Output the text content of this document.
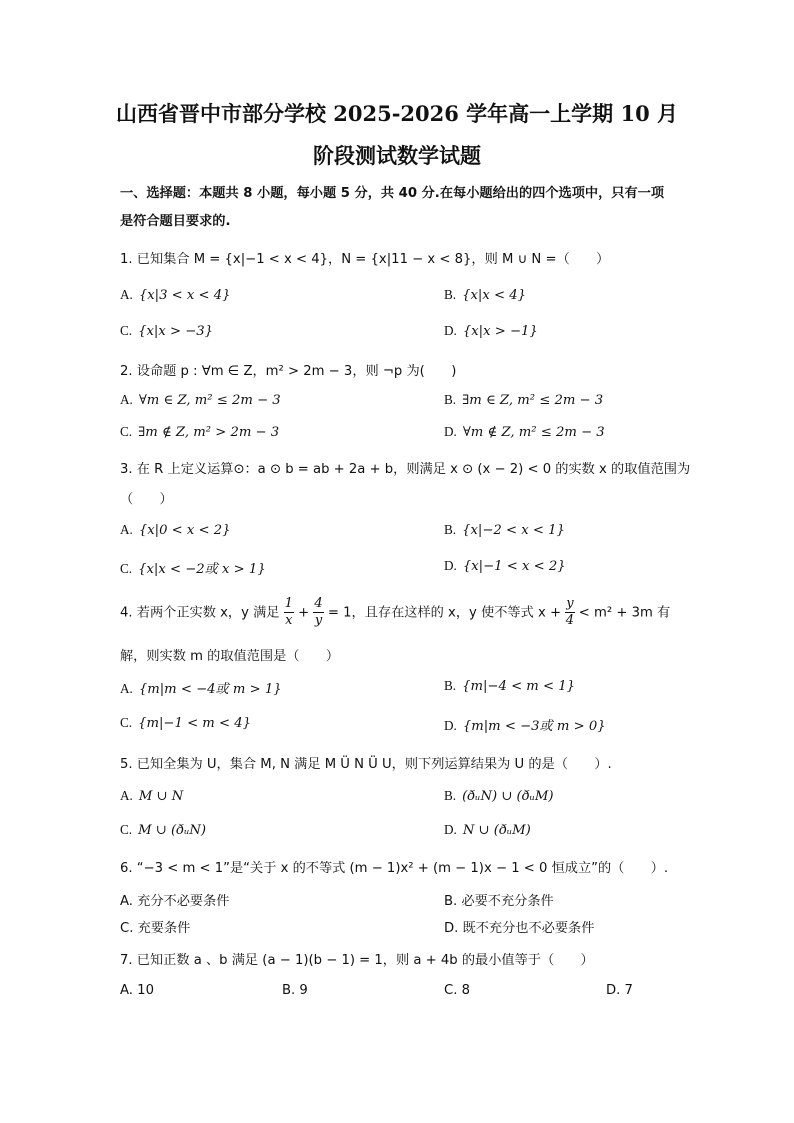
山西省晋中市部分学校 2025-2026 学年高一上学期 10 月
阶段测试数学试题
一、选择题：本题共 8 小题，每小题 5 分，共 40 分.在每小题给出的四个选项中，只有一项
是符合题目要求的.
1. 已知集合 M = {x|−1 < x < 4}，N = {x|11 − x < 8}，则 M ∪ N =（　　）
A. {x|3 < x < 4}	B. {x|x < 4}
C. {x|x > −3}	D. {x|x > −1}
2. 设命题 p : ∀m ∈ Z，m² > 2m − 3，则 ¬p 为(　　)
A. ∀m ∈ Z, m² ≤ 2m − 3	B. ∃m ∈ Z, m² ≤ 2m − 3
C. ∃m ∉ Z, m² > 2m − 3	D. ∀m ∉ Z, m² ≤ 2m − 3
3. 在 R 上定义运算⊙：a ⊙ b = ab + 2a + b，则满足 x ⊙ (x − 2) < 0 的实数 x 的取值范围为
（　　）
A. {x|0 < x < 2}	B. {x|−2 < x < 1}
C. {x|x < −2或 x > 1}	D. {x|−1 < x < 2}
4. 若两个正实数 x，y 满足 $\frac{1}{x} + \frac{4}{y} = 1$，且存在这样的 x，y 使不等式 $x + \frac{y}{4} < m^2 + 3m$ 有
解，则实数 m 的取值范围是（　　）
A. {m|m < −4或 m > 1}	B. {m|−4 < m < 1}
C. {m|−1 < m < 4}	D. {m|m < −3或 m > 0}
5. 已知全集为 U，集合 M, N 满足 M Ü N Ü U，则下列运算结果为 U 的是（　　）.
A. M ∪ N	B. (ðᵤN) ∪ (ðᵤM)
C. M ∪ (ðᵤN)	D. N ∪ (ðᵤM)
6. “−3 < m < 1”是“关于 x 的不等式 (m − 1)x² + (m − 1)x − 1 < 0 恒成立”的（　　）.
A. 充分不必要条件	B. 必要不充分条件
C. 充要条件	D. 既不充分也不必要条件
7. 已知正数 a 、b 满足 (a − 1)(b − 1) = 1，则 a + 4b 的最小值等于（　　）
A. 10	B. 9	C. 8	D. 7
